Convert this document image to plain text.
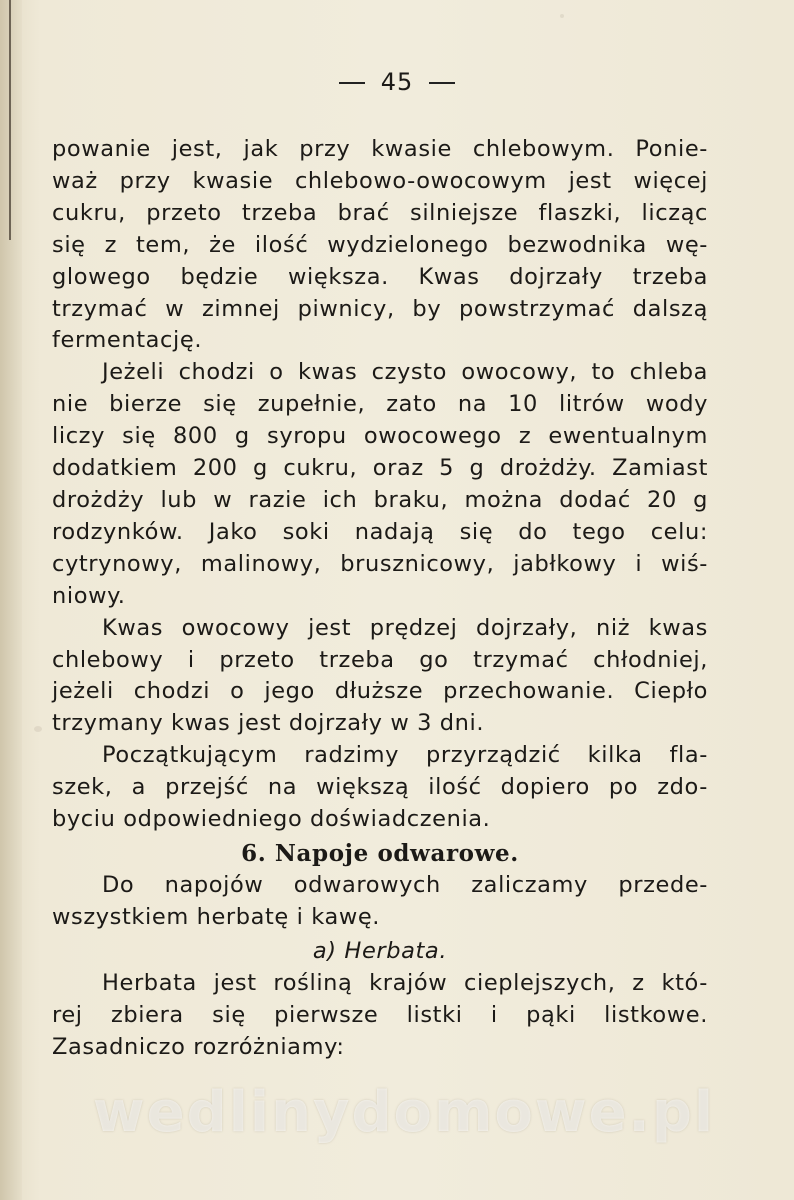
45
powanie jest, jak przy kwasie chlebowym. Ponie-
waż przy kwasie chlebowo-owocowym jest więcej
cukru, przeto trzeba brać silniejsze flaszki, licząc
się z tem, że ilość wydzielonego bezwodnika wę-
glowego będzie większa. Kwas dojrzały trzeba
trzymać w zimnej piwnicy, by powstrzymać dalszą
fermentację.
Jeżeli chodzi o kwas czysto owocowy, to chleba
nie bierze się zupełnie, zato na 10 litrów wody
liczy się 800 g syropu owocowego z ewentualnym
dodatkiem 200 g cukru, oraz 5 g drożdży. Zamiast
drożdży lub w razie ich braku, można dodać 20 g
rodzynków. Jako soki nadają się do tego celu:
cytrynowy, malinowy, brusznicowy, jabłkowy i wiś-
niowy.
Kwas owocowy jest prędzej dojrzały, niż kwas
chlebowy i przeto trzeba go trzymać chłodniej,
jeżeli chodzi o jego dłuższe przechowanie. Ciepło
trzymany kwas jest dojrzały w 3 dni.
Początkującym radzimy przyrządzić kilka fla-
szek, a przejść na większą ilość dopiero po zdo-
byciu odpowiedniego doświadczenia.
6. Napoje odwarowe.
Do napojów odwarowych zaliczamy przede-
wszystkiem herbatę i kawę.
a) Herbata.
Herbata jest rośliną krajów cieplejszych, z któ-
rej zbiera się pierwsze listki i pąki listkowe.
Zasadniczo rozróżniamy:
wedlinydomowe.pl
